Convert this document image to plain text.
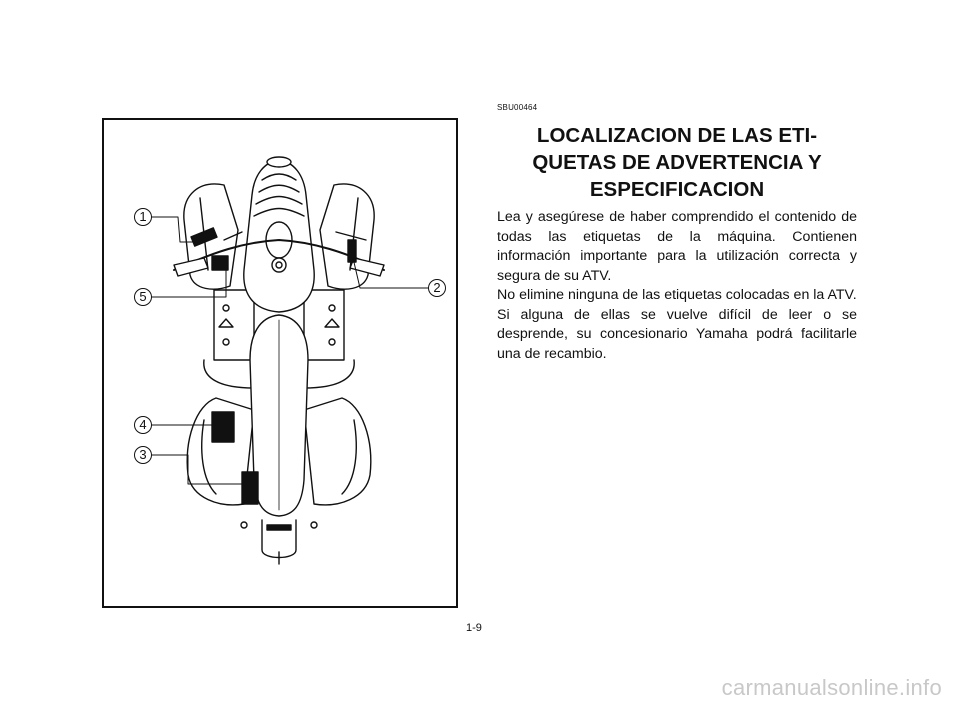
1
2
3
4
5
SBU00464
LOCALIZACION DE LAS ETI-QUETAS DE ADVERTENCIA Y ESPECIFICACION

Lea y asegúrese de haber comprendido el contenido de todas las etiquetas de la máquina. Contienen información importante para la utilización correcta y segura de su ATV.

No elimine ninguna de las etiquetas colocadas en la ATV.

Si alguna de ellas se vuelve difícil de leer o se desprende, su concesionario Yamaha podrá facilitarle una de recambio.

1-9
carmanualsonline.info
